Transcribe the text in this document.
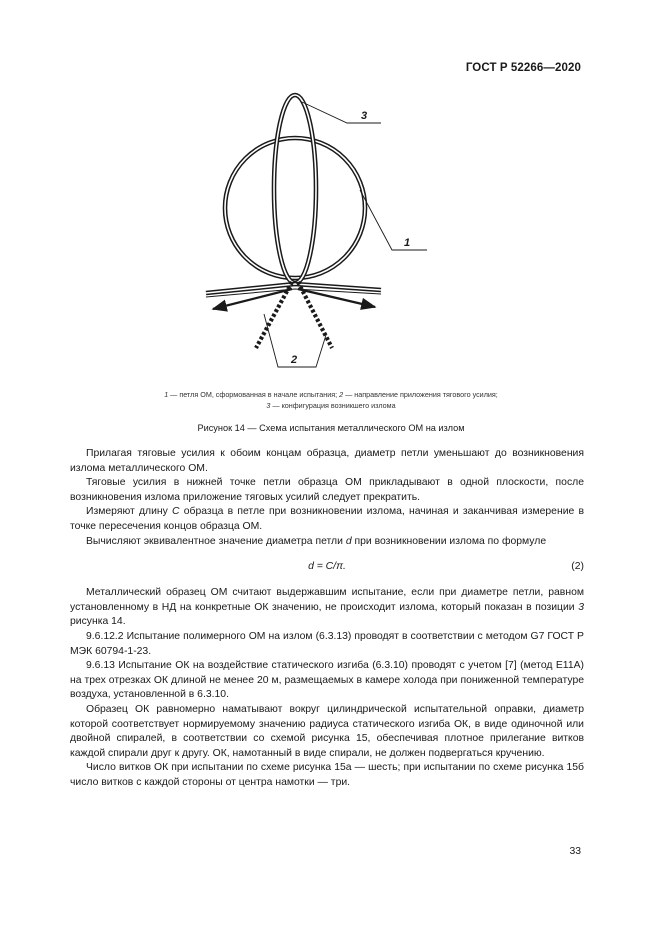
ГОСТ Р 52266—2020
3
1
2
1 — петля ОМ, сформованная в начале испытания; 2 — направление приложения тягового усилия;
3 — конфигурация возникшего излома
Рисунок 14 — Схема испытания металлического ОМ на излом

Прилагая тяговые усилия к обоим концам образца, диаметр петли уменьшают до возникновения излома металлического ОМ.

Тяговые усилия в нижней точке петли образца ОМ прикладывают в одной плоскости, после возникновения излома приложение тяговых усилий следует прекратить.

Измеряют длину С образца в петле при возникновении излома, начиная и заканчивая измерение в точке пересечения концов образца ОМ.

Вычисляют эквивалентное значение диаметра петли d при возникновении излома по формуле

d = C/π.	(2)

Металлический образец ОМ считают выдержавшим испытание, если при диаметре петли, равном установленному в НД на конкретные ОК значению, не происходит излома, который показан в позиции 3 рисунка 14.

9.6.12.2 Испытание полимерного ОМ на излом (6.3.13) проводят в соответствии с методом G7 ГОСТ Р МЭК 60794-1-23.

9.6.13 Испытание ОК на воздействие статического изгиба (6.3.10) проводят с учетом [7] (метод E11A) на трех отрезках ОК длиной не менее 20 м, размещаемых в камере холода при пониженной температуре воздуха, установленной в 6.3.10.

Образец ОК равномерно наматывают вокруг цилиндрической испытательной оправки, диаметр которой соответствует нормируемому значению радиуса статического изгиба ОК, в виде одиночной или двойной спиралей, в соответствии со схемой рисунка 15, обеспечивая плотное прилегание витков каждой спирали друг к другу. ОК, намотанный в виде спирали, не должен подвергаться кручению.

Число витков ОК при испытании по схеме рисунка 15а — шесть; при испытании по схеме рисунка 15б число витков с каждой стороны от центра намотки — три.

33
